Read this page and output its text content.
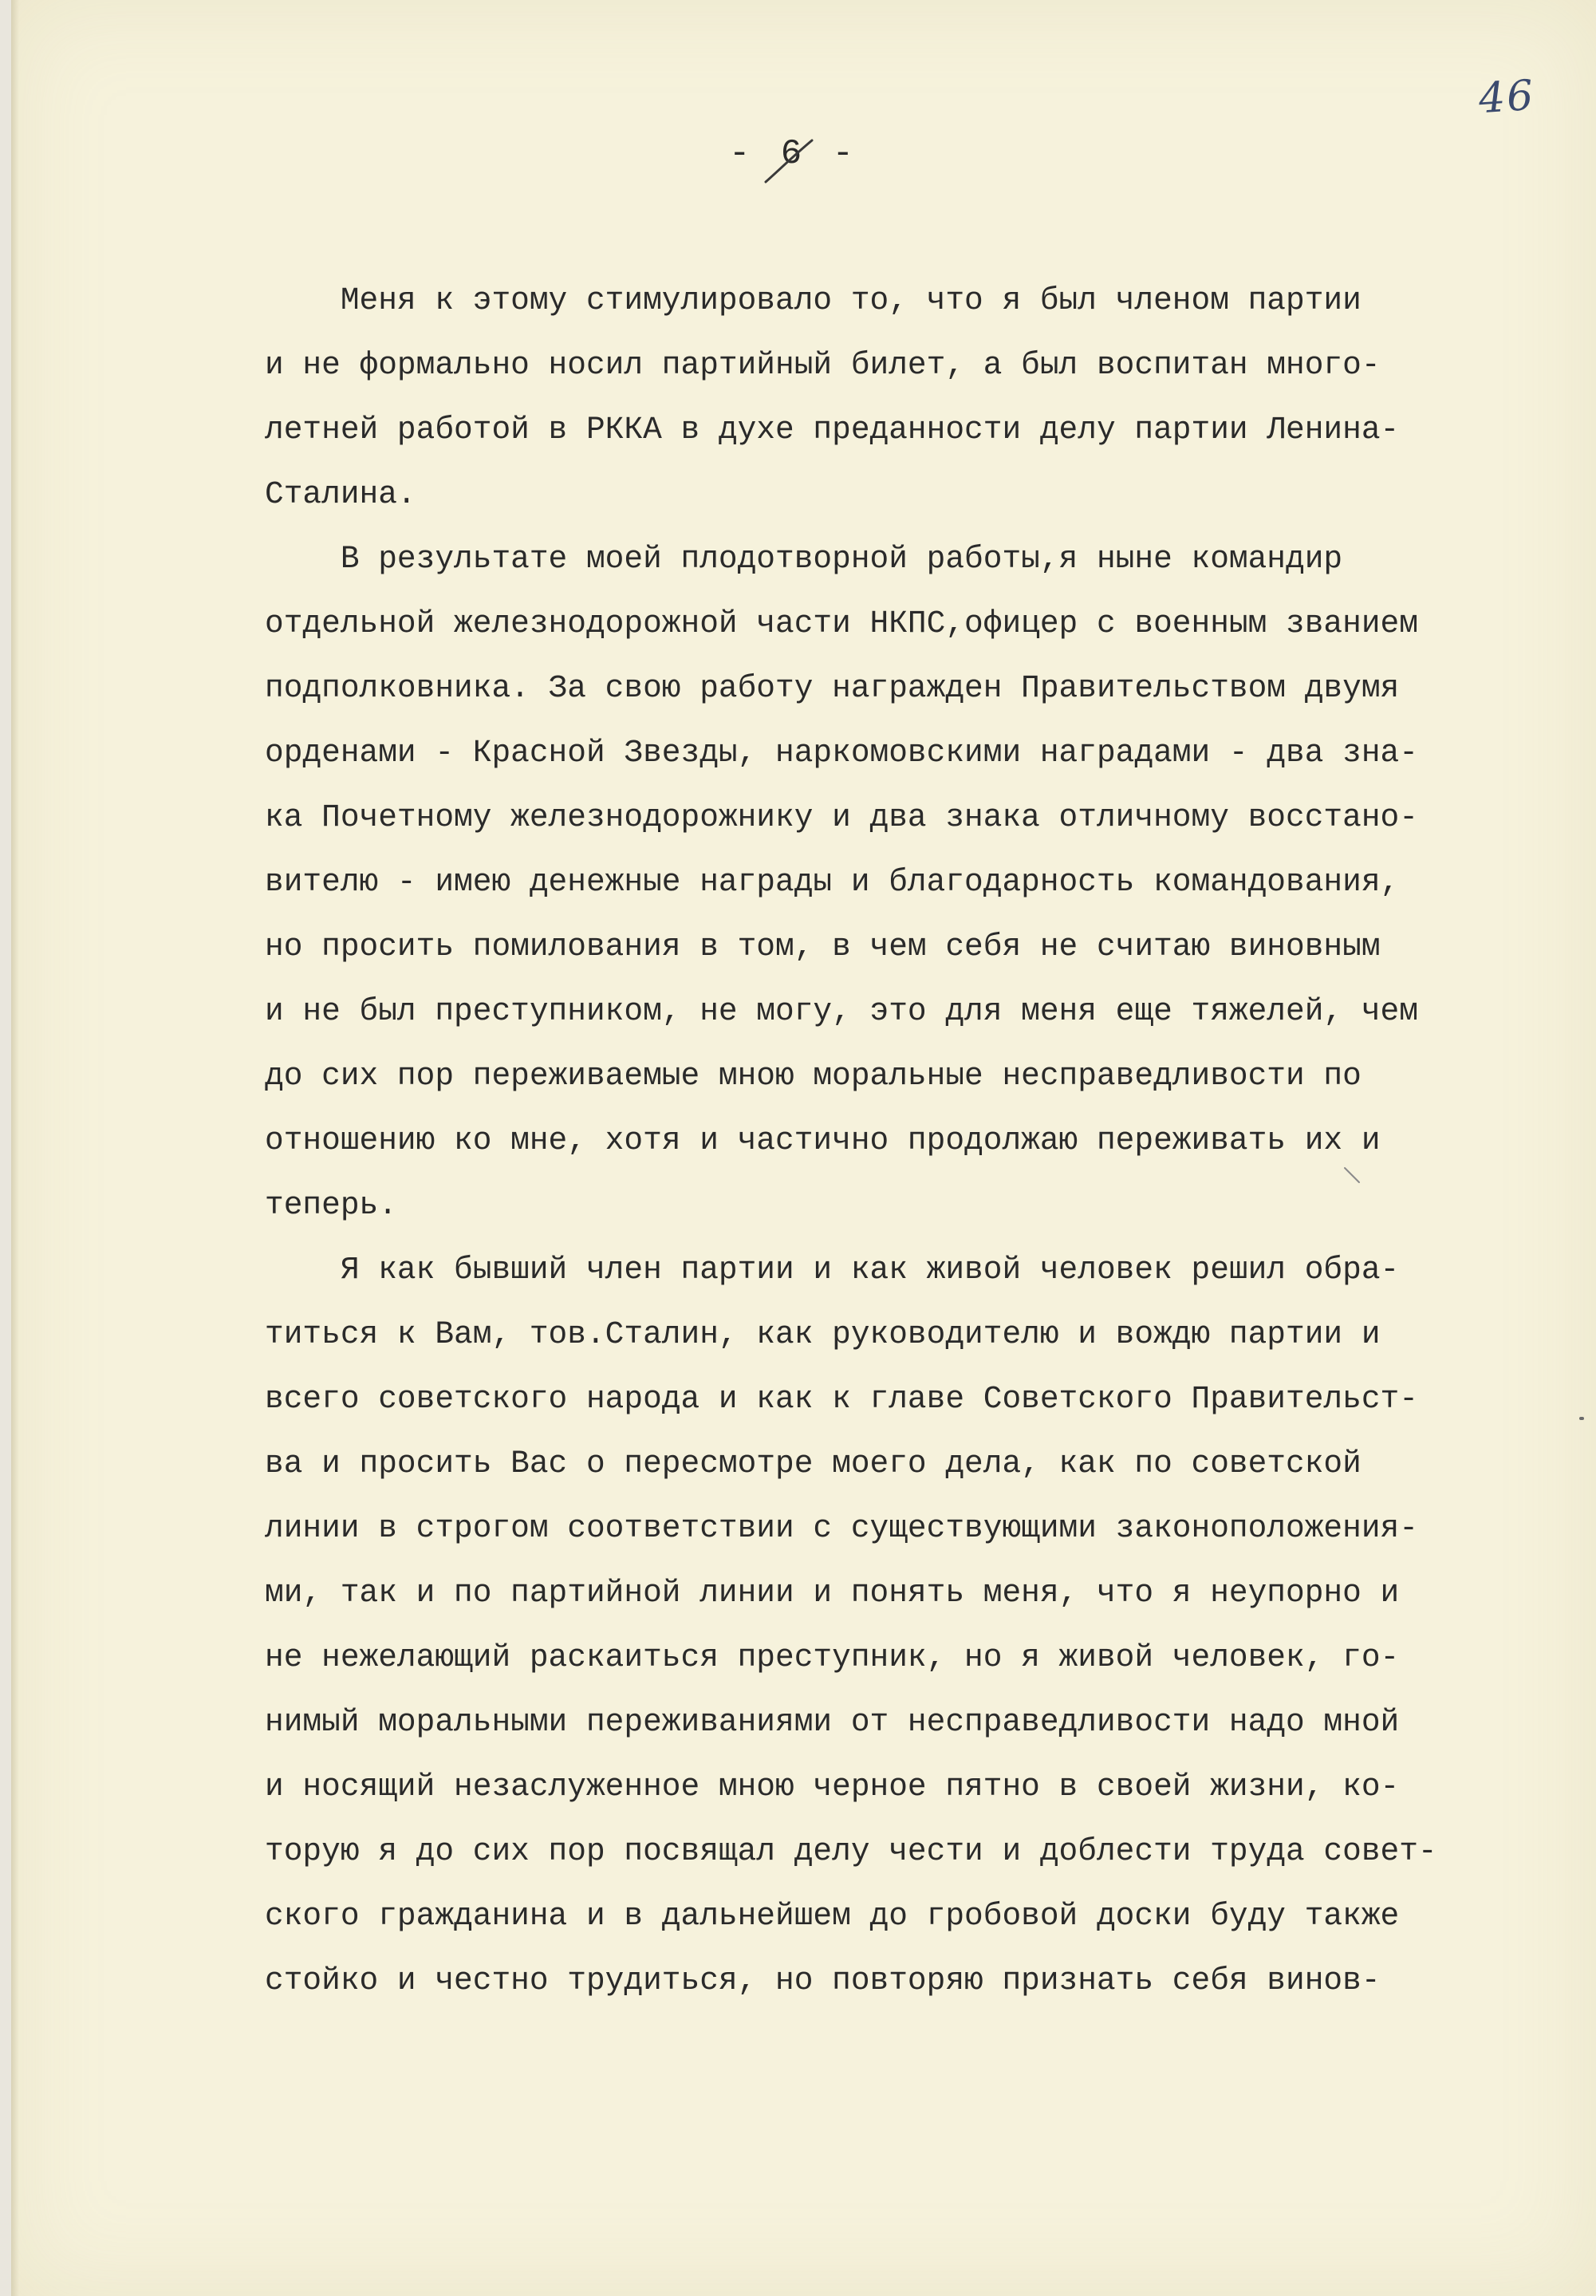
46
- 6 -
Меня к этому стимулировало то, что я был членом партии
и не формально носил партийный билет, а был воспитан много-
летней работой в РККА в духе преданности делу партии Ленина-
Сталина.
В результате моей плодотворной работы,я ныне командир
отдельной железнодорожной части НКПС,офицер с военным званием
подполковника. За свою работу награжден Правительством двумя
орденами - Красной Звезды, наркомовскими наградами - два зна-
ка Почетному железнодорожнику и два знака отличному восстано-
вителю - имею денежные награды и благодарность командования,
но просить помилования в том, в чем себя не считаю виновным
и не был преступником, не могу, это для меня еще тяжелей, чем
до сих пор переживаемые мною моральные несправедливости по
отношению ко мне, хотя и частично продолжаю переживать их и
теперь.
Я как бывший член партии и как живой человек решил обра-
титься к Вам, тов.Сталин, как руководителю и вождю партии и
всего советского народа и как к главе Советского Правительст-
ва и просить Вас о пересмотре моего дела, как по советской
линии в строгом соответствии с существующими законоположения-
ми, так и по партийной линии и понять меня, что я неупорно и
не нежелающий раскаиться преступник, но я живой человек, го-
нимый моральными переживаниями от несправедливости надо мной
и носящий незаслуженное мною черное пятно в своей жизни, ко-
торую я до сих пор посвящал делу чести и доблести труда совет-
ского гражданина и в дальнейшем до гробовой доски буду также
стойко и честно трудиться, но повторяю признать себя винов-
